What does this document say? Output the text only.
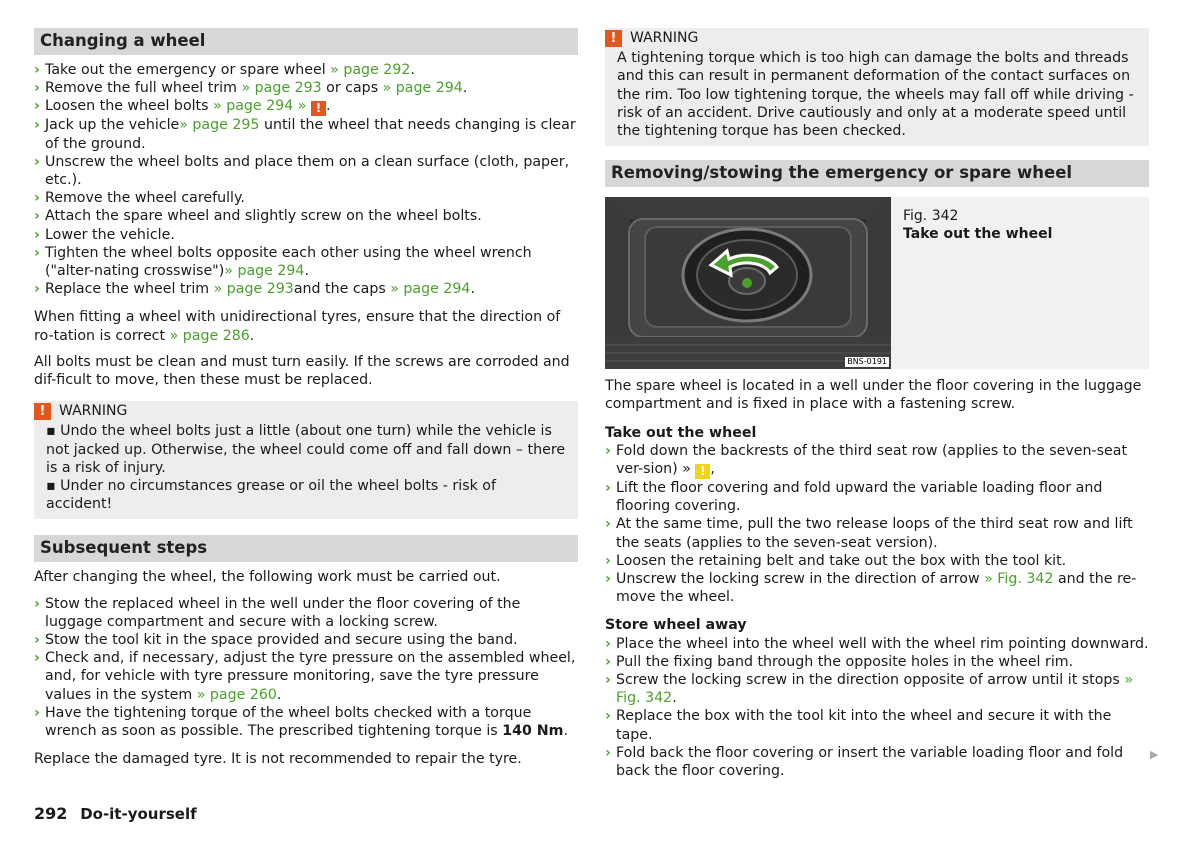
Changing a wheel
› Take out the emergency or spare wheel » page 292.
› Remove the full wheel trim » page 293 or caps » page 294.
› Loosen the wheel bolts » page 294 » ! .
› Jack up the vehicle» page 295 until the wheel that needs changing is clear of the ground.
› Unscrew the wheel bolts and place them on a clean surface (cloth, paper, etc.).
› Remove the wheel carefully.
› Attach the spare wheel and slightly screw on the wheel bolts.
› Lower the vehicle.
› Tighten the wheel bolts opposite each other using the wheel wrench ("alter-nating crosswise")» page 294.
› Replace the wheel trim » page 293and the caps » page 294.

When fitting a wheel with unidirectional tyres, ensure that the direction of ro-tation is correct » page 286.

All bolts must be clean and must turn easily. If the screws are corroded and dif-ficult to move, then these must be replaced.

! WARNING

▪ Undo the wheel bolts just a little (about one turn) while the vehicle is not jacked up. Otherwise, the wheel could come off and fall down – there is a risk of injury.

▪ Under no circumstances grease or oil the wheel bolts - risk of accident!

Subsequent steps

After changing the wheel, the following work must be carried out.

› Stow the replaced wheel in the well under the floor covering of the luggage compartment and secure with a locking screw.
› Stow the tool kit in the space provided and secure using the band.
› Check and, if necessary, adjust the tyre pressure on the assembled wheel, and, for vehicle with tyre pressure monitoring, save the tyre pressure values in the system » page 260.
› Have the tightening torque of the wheel bolts checked with a torque wrench as soon as possible. The prescribed tightening torque is 140 Nm.

Replace the damaged tyre. It is not recommended to repair the tyre.

! WARNING

A tightening torque which is too high can damage the bolts and threads and this can result in permanent deformation of the contact surfaces on the rim. Too low tightening torque, the wheels may fall off while driving - risk of an accident. Drive cautiously and only at a moderate speed until the tightening torque has been checked.

Removing/stowing the emergency or spare wheel
BNS-0191
Fig. 342
Take out the wheel

The spare wheel is located in a well under the floor covering in the luggage compartment and is fixed in place with a fastening screw.

Take out the wheel
› Fold down the backrests of the third seat row (applies to the seven-seat ver-sion) » ! ,
› Lift the floor covering and fold upward the variable loading floor and flooring covering.
› At the same time, pull the two release loops of the third seat row and lift the seats (applies to the seven-seat version).
› Loosen the retaining belt and take out the box with the tool kit.
› Unscrew the locking screw in the direction of arrow » Fig. 342 and the re-move the wheel.
Store wheel away
› Place the wheel into the wheel well with the wheel rim pointing downward.
› Pull the fixing band through the opposite holes in the wheel rim.
› Screw the locking screw in the direction opposite of arrow until it stops » Fig. 342.
› Replace the box with the tool kit into the wheel and secure it with the tape.
› Fold back the floor covering or insert the variable loading floor and fold back the floor covering.
▶
292 Do-it-yourself
